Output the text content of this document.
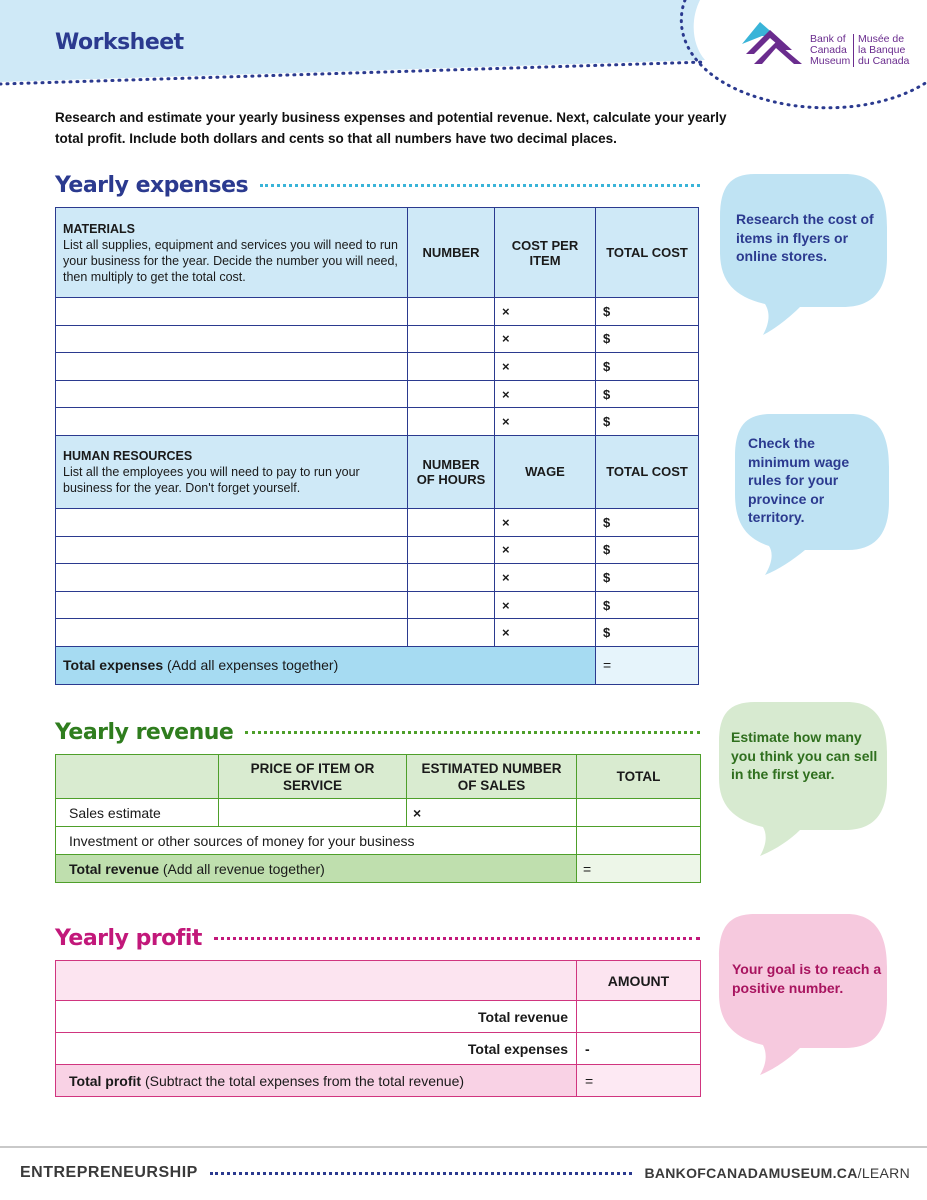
Worksheet	Bank of
Canada
Museum
Musée de
la Banque
du Canada

Research and estimate your yearly business expenses and potential revenue. Next, calculate your yearly total profit. Include both dollars and cents so that all numbers have two decimal places.

Yearly expenses
MATERIALS
List all supplies, equipment and services you will need to run your business for the year. Decide the number you will need, then multiply to get the total cost.	NUMBER	COST PER ITEM	TOTAL COST
		×	$
		×	$
		×	$
		×	$
		×	$

HUMAN RESOURCES
List all the employees you will need to pay to run your business for the year. Don't forget yourself.	NUMBER OF HOURS	WAGE	TOTAL COST
		×	$
		×	$
		×	$
		×	$
		×	$
Total expenses (Add all expenses together)			=
Yearly revenue
	PRICE OF ITEM OR SERVICE	ESTIMATED NUMBER OF SALES	TOTAL
Sales estimate		×	
Investment or other sources of money for your business			
Total revenue (Add all revenue together)			=
Yearly profit
	AMOUNT
Total revenue	
Total expenses	-
Total profit (Subtract the total expenses from the total revenue)	=
Research the cost of items in flyers or online stores.
Check the minimum wage rules for your province or territory.
Estimate how many you think you can sell in the first year.
Your goal is to reach a positive number.
ENTREPRENEURSHIP	BANKOFCANADAMUSEUM.CA/LEARN
